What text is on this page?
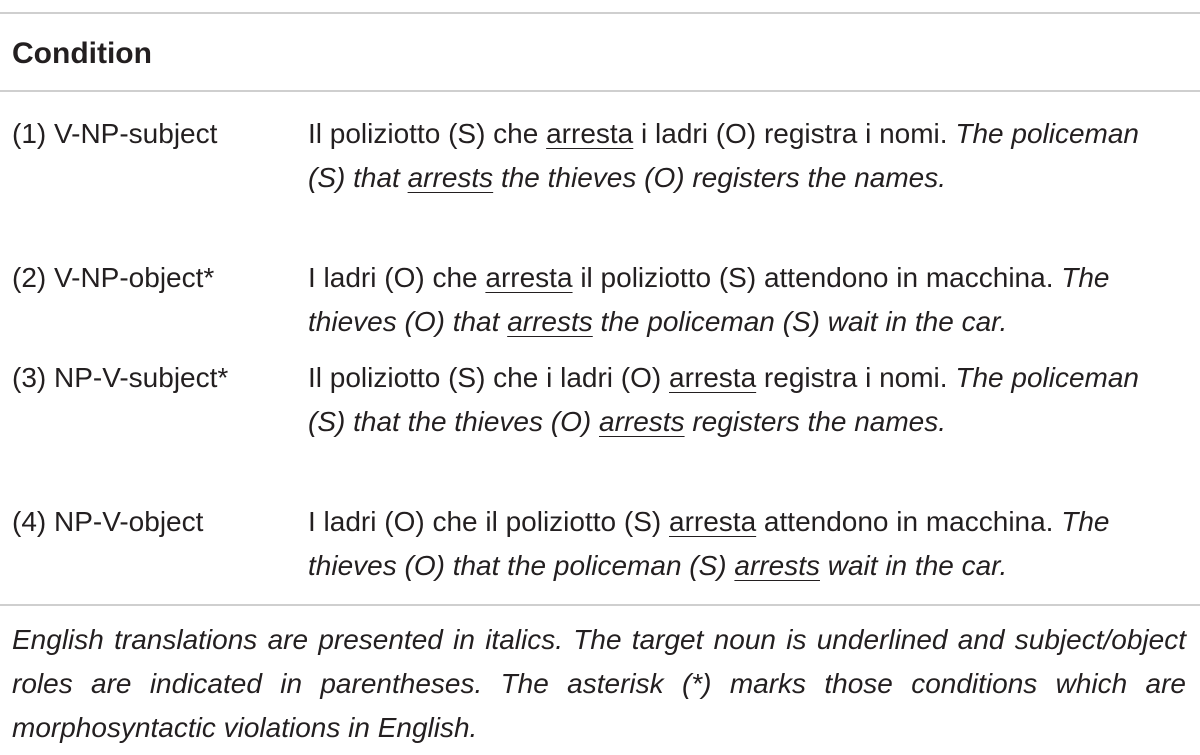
Condition
(1) V-NP-subject	Il poliziotto (S) che arresta i ladri (O) registra i nomi. The policeman (S) that arrests the thieves (O) registers the names.
(2) V-NP-object*	I ladri (O) che arresta il poliziotto (S) attendono in macchina. The thieves (O) that arrests the policeman (S) wait in the car.
(3) NP-V-subject*	Il poliziotto (S) che i ladri (O) arresta registra i nomi. The policeman (S) that the thieves (O) arrests registers the names.
(4) NP-V-object	I ladri (O) che il poliziotto (S) arresta attendono in macchina. The thieves (O) that the policeman (S) arrests wait in the car.
English translations are presented in italics. The target noun is underlined and subject/object roles are indicated in parentheses. The asterisk (*) marks those conditions which are morphosyntactic violations in English.
